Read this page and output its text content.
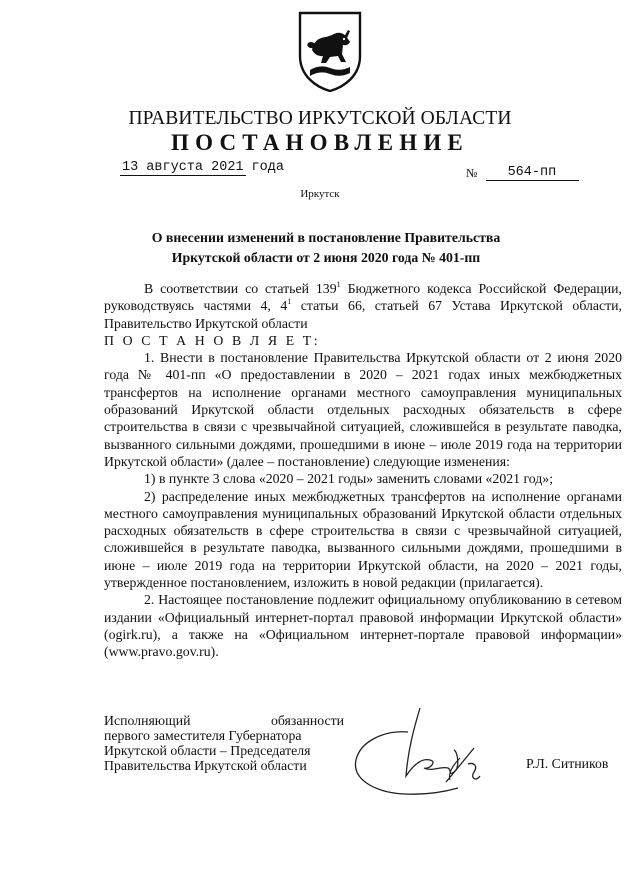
ПРАВИТЕЛЬСТВО ИРКУТСКОЙ ОБЛАСТИ
ПОСТАНОВЛЕНИЕ
13 августа 2021 года	№ 564-пп
Иркутск
О внесении изменений в постановление Правительства Иркутской области от 2 июня 2020 года № 401-пп

В соответствии со статьей $139^1$ Бюджетного кодекса Российской Федерации, руководствуясь частями 4, $4^1$ статьи 66, статьей 67 Устава Иркутской области, Правительство Иркутской области

П О С Т А Н О В Л Я Е Т:

1. Внести в постановление Правительства Иркутской области от 2 июня 2020 года № 401-пп «О предоставлении в 2020 – 2021 годах иных межбюджетных трансфертов на исполнение органами местного самоуправления муниципальных образований Иркутской области отдельных расходных обязательств в сфере строительства в связи с чрезвычайной ситуацией, сложившейся в результате паводка, вызванного сильными дождями, прошедшими в июне – июле 2019 года на территории Иркутской области» (далее – постановление) следующие изменения:

1) в пункте 3 слова «2020 – 2021 годы» заменить словами «2021 год»;

2) распределение иных межбюджетных трансфертов на исполнение органами местного самоуправления муниципальных образований Иркутской области отдельных расходных обязательств в сфере строительства в связи с чрезвычайной ситуацией, сложившейся в результате паводка, вызванного сильными дождями, прошедшими в июне – июле 2019 года на территории Иркутской области, на 2020 – 2021 годы, утвержденное постановлением, изложить в новой редакции (прилагается).

2. Настоящее постановление подлежит официальному опубликованию в сетевом издании «Официальный интернет-портал правовой информации Иркутской области» (ogirk.ru), а также на «Официальном интернет-портале правовой информации» (www.pravo.gov.ru).

Исполняющий	обязанности
первого заместителя Губернатора
Иркутской области – Председателя
Правительства Иркутской области	Р.Л. Ситников
